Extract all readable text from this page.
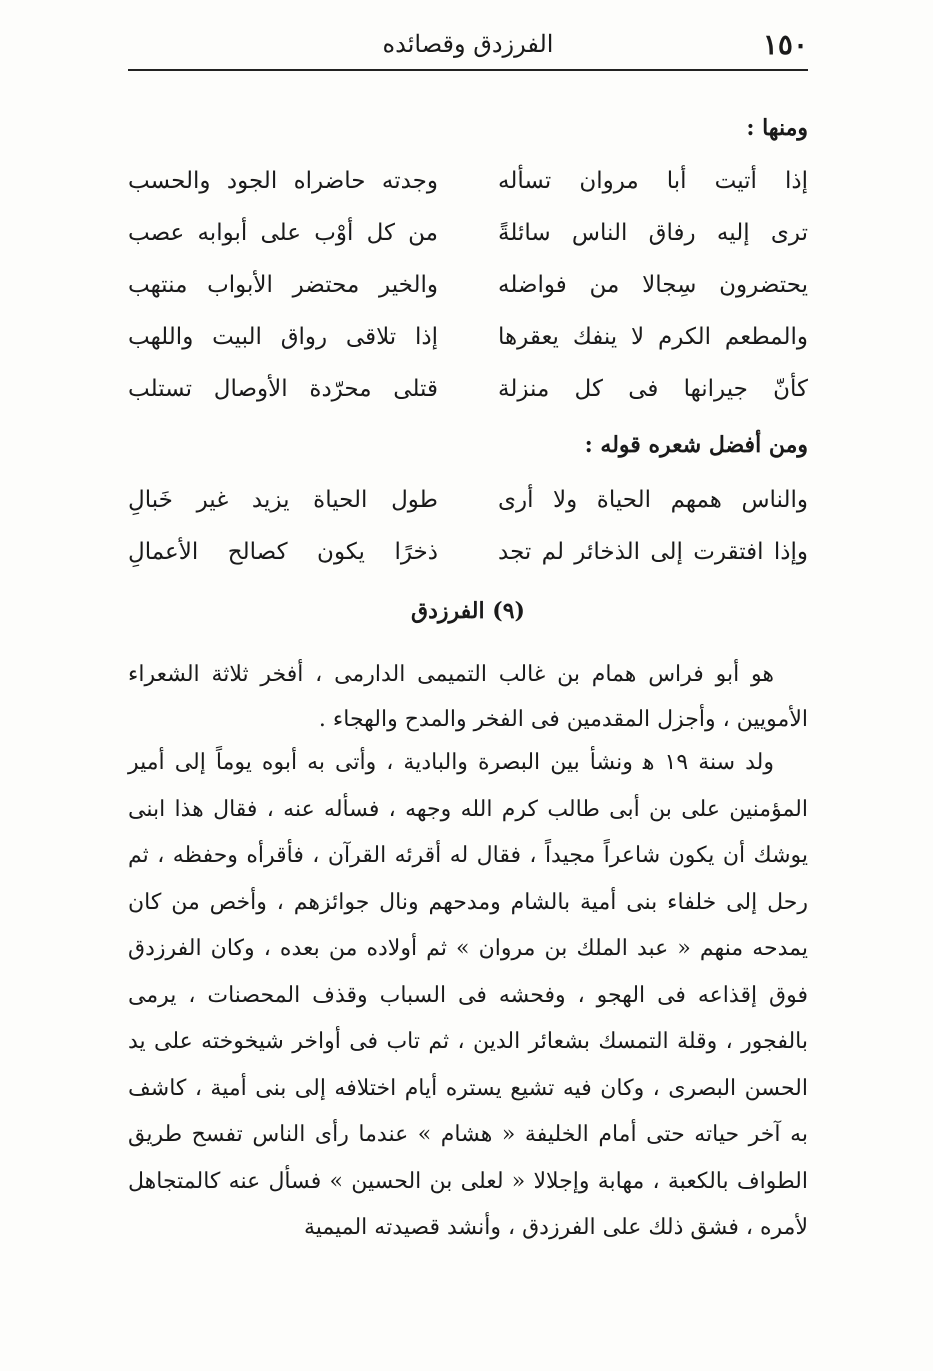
١٥٠
الفرزدق وقصائده
ومنها :
إذا أتيت أبا مروان تسأله
وجدته حاضراه الجود والحسب
ترى إليه رفاق الناس سائلةً
من كل أوْب على أبوابه عصب
يحتضرون سِجالا من فواضله
والخير محتضر الأبواب منتهب
والمطعم الكرم لا ينفك يعقرها
إذا تلاقى رواق البيت واللهب
كأنّ جيرانها فى كل منزلة
قتلى محرّدة الأوصال تستلب
ومن أفضل شعره قوله :
والناس همهم الحياة ولا أرى
طول الحياة يزيد غير خَبالِ
وإذا افتقرت إلى الذخائر لم تجد
ذخرًا يكون كصالح الأعمالِ
(٩) الفرزدق

هو أبو فراس همام بن غالب التميمى الدارمى ، أفخر ثلاثة الشعراء الأمويين ، وأجزل المقدمين فى الفخر والمدح والهجاء .

ولد سنة ١٩ ﻫ ونشأ بين البصرة والبادية ، وأتى به أبوه يوماً إلى أمير المؤمنين على بن أبى طالب كرم الله وجهه ، فسأله عنه ، فقال هذا ابنى يوشك أن يكون شاعراً مجيداً ، فقال له أقرئه القرآن ، فأقرأه وحفظه ، ثم رحل إلى خلفاء بنى أمية بالشام ومدحهم ونال جوائزهم ، وأخص من كان يمدحه منهم « عبد الملك بن مروان » ثم أولاده من بعده ، وكان الفرزدق فوق إقذاعه فى الهجو ، وفحشه فى السباب وقذف المحصنات ، يرمى بالفجور ، وقلة التمسك بشعائر الدين ، ثم تاب فى أواخر شيخوخته على يد الحسن البصرى ، وكان فيه تشيع يستره أيام اختلافه إلى بنى أمية ، كاشف به آخر حياته حتى أمام الخليفة « هشام » عندما رأى الناس تفسح طريق الطواف بالكعبة ، مهابة وإجلالا « لعلى بن الحسين » فسأل عنه كالمتجاهل لأمره ، فشق ذلك على الفرزدق ، وأنشد قصيدته الميمية
